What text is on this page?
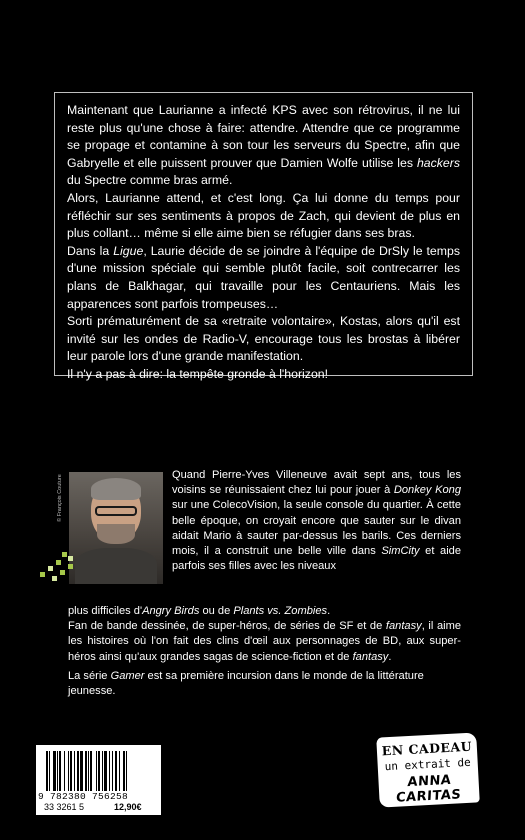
Maintenant que Laurianne a infecté KPS avec son rétrovirus, il ne lui reste plus qu'une chose à faire: attendre. Attendre que ce programme se propage et contamine à son tour les serveurs du Spectre, afin que Gabryelle et elle puissent prouver que Damien Wolfe utilise les hackers du Spectre comme bras armé.

Alors, Laurianne attend, et c'est long. Ça lui donne du temps pour réfléchir sur ses sentiments à propos de Zach, qui devient de plus en plus collant… même si elle aime bien se réfugier dans ses bras.

Dans la Ligue, Laurie décide de se joindre à l'équipe de DrSly le temps d'une mission spéciale qui semble plutôt facile, soit contrecarrer les plans de Balkhagar, qui travaille pour les Centauriens. Mais les apparences sont parfois trompeuses…

Sorti prématurément de sa «retraite volontaire», Kostas, alors qu'il est invité sur les ondes de Radio-V, encourage tous les brostas à libérer leur parole lors d'une grande manifestation.

Il n'y a pas à dire: la tempête gronde à l'horizon!

© François Couture	Quand Pierre-Yves Villeneuve avait sept ans, tous les voisins se réunissaient chez lui pour jouer à Donkey Kong sur une ColecoVision, la seule console du quartier. À cette belle époque, on croyait encore que sauter sur le divan aidait Mario à sauter par-dessus les barils. Ces derniers mois, il a construit une belle ville dans SimCity et aide parfois ses filles avec les niveaux

plus difficiles d'Angry Birds ou de Plants vs. Zombies.
Fan de bande dessinée, de super-héros, de séries de SF et de fantasy, il aime les histoires où l'on fait des clins d'œil aux personnages de BD, aux super-héros ainsi qu'aux grandes sagas de science-fiction et de fantasy.

La série Gamer est sa première incursion dans le monde de la littérature jeunesse.

9 782380 756258
33 3261 5	12,90€
EN CADEAU
un extrait de
ANNA CARITAS
